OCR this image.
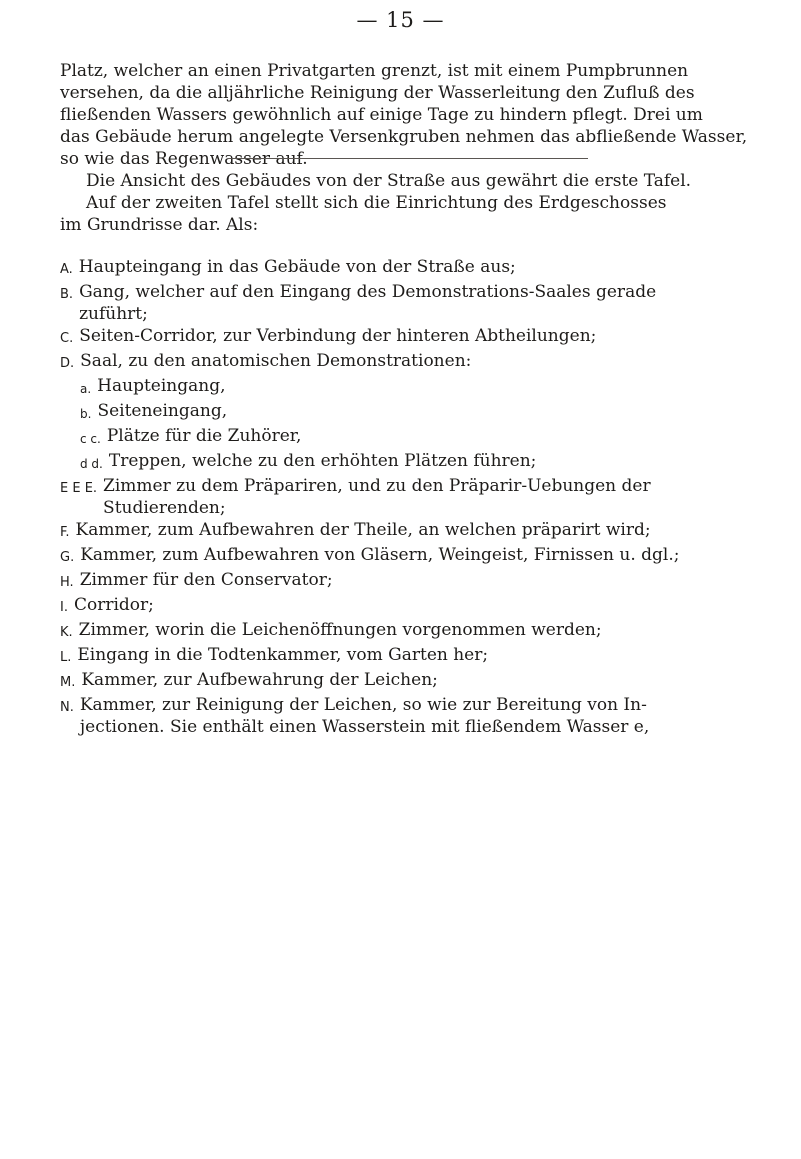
— 15 —

Platz, welcher an einen Privatgarten grenzt, ist mit einem Pumpbrunnen

versehen, da die alljährliche Reinigung der Wasserleitung den Zufluß des

fließenden Wassers gewöhnlich auf einige Tage zu hindern pflegt. Drei um

das Gebäude herum angelegte Versenkgruben nehmen das abfließende Wasser,

so wie das Regenwasser auf.

Die Ansicht des Gebäudes von der Straße aus gewährt die erste Tafel.

Auf der zweiten Tafel stellt sich die Einrichtung des Erdgeschosses

im Grundrisse dar. Als:

A. Haupteingang in das Gebäude von der Straße aus;
B. Gang, welcher auf den Eingang des Demonstrations-Saales gerade
zuführt;
C. Seiten-Corridor, zur Verbindung der hinteren Abtheilungen;
D. Saal, zu den anatomischen Demonstrationen:
a. Haupteingang,
b. Seiteneingang,
c c. Plätze für die Zuhörer,
d d. Treppen, welche zu den erhöhten Plätzen führen;
E E E. Zimmer zu dem Präpariren, und zu den Präparir-Uebungen der
Studierenden;
F. Kammer, zum Aufbewahren der Theile, an welchen präparirt wird;
G. Kammer, zum Aufbewahren von Gläsern, Weingeist, Firnissen u. dgl.;
H. Zimmer für den Conservator;
I. Corridor;
K. Zimmer, worin die Leichenöffnungen vorgenommen werden;
L. Eingang in die Todtenkammer, vom Garten her;
M. Kammer, zur Aufbewahrung der Leichen;
N. Kammer, zur Reinigung der Leichen, so wie zur Bereitung von In-
jectionen. Sie enthält einen Wasserstein mit fließendem Wasser e,
